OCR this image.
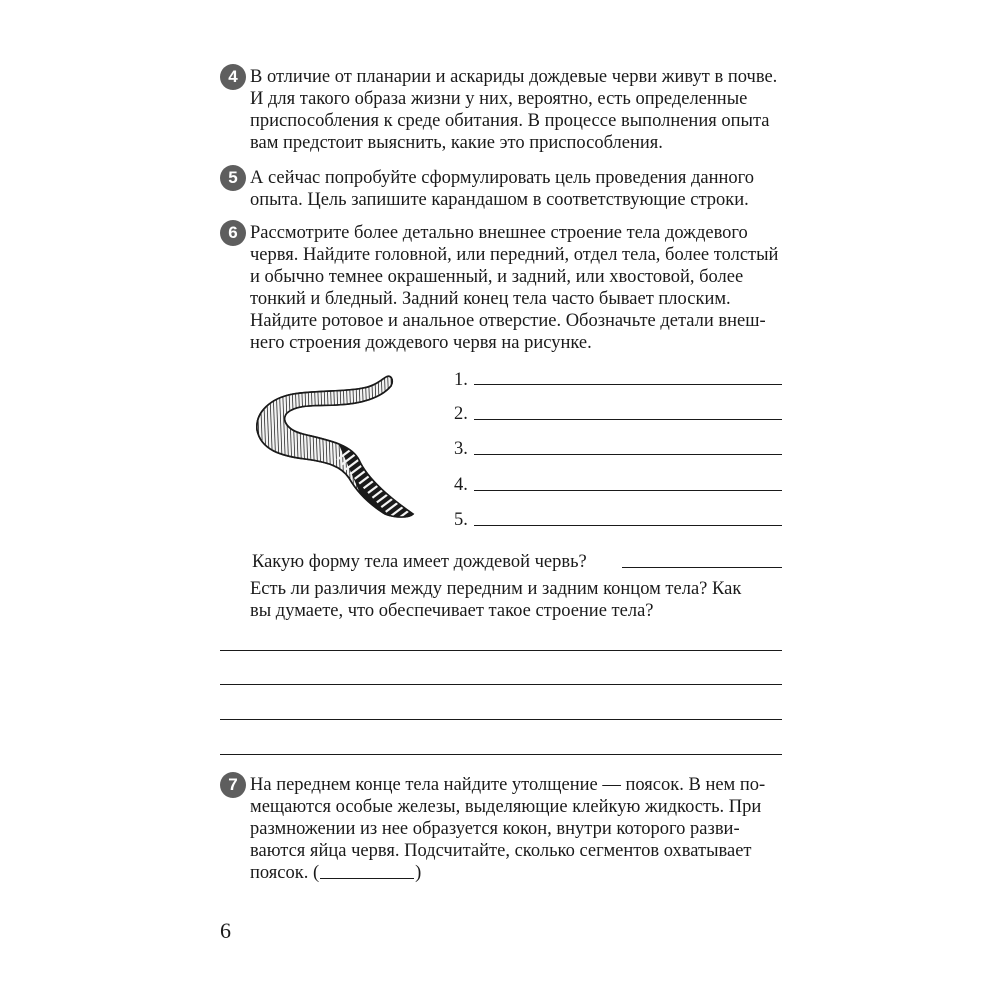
4 В отличие от планарии и аскариды дождевые черви живут в почве.
И для такого образа жизни у них, вероятно, есть определенные
приспособления к среде обитания. В процессе выполнения опыта
вам предстоит выяснить, какие это приспособления.
5 А сейчас попробуйте сформулировать цель проведения данного
опыта. Цель запишите карандашом в соответствующие строки.
6 Рассмотрите более детально внешнее строение тела дождевого
червя. Найдите головной, или передний, отдел тела, более толстый
и обычно темнее окрашенный, и задний, или хвостовой, более
тонкий и бледный. Задний конец тела часто бывает плоским.
Найдите ротовое и анальное отверстие. Обозначьте детали внеш-
него строения дождевого червя на рисунке.
1.
2.
3.
4.
5.
Какую форму тела имеет дождевой червь?
Есть ли различия между передним и задним концом тела? Как
вы думаете, что обеспечивает такое строение тела?
7 На переднем конце тела найдите утолщение — поясок. В нем по-
мещаются особые железы, выделяющие клейкую жидкость. При
размножении из нее образуется кокон, внутри которого разви-
ваются яйца червя. Подсчитайте, сколько сегментов охватывает
поясок. (	)
6
